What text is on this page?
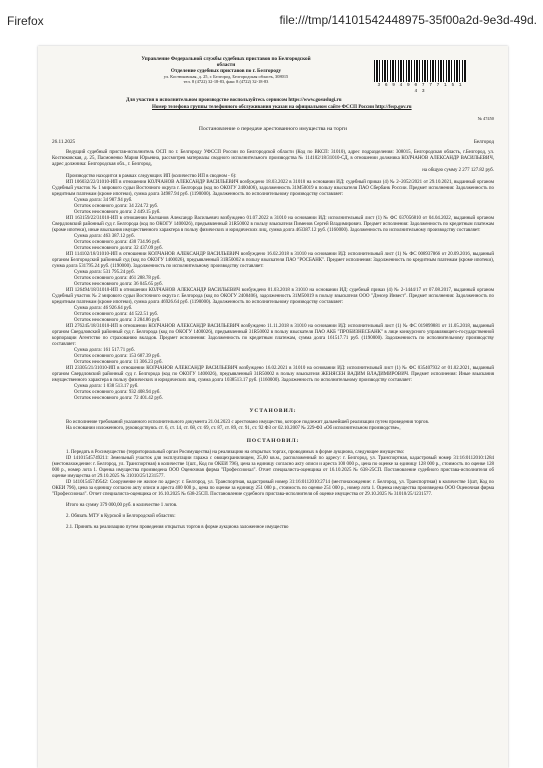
Firefox	file:///tmp/14101542448975-35f00a2d-9e3d-49d.
Управление Федеральной службы судебных приставов по Белгородской
области
Отделение судебных приставов по г. Белгороду
ул. Костюковская, д. 25, г. Белгород, Белгородская область, 308015
тел. 8 (4722) 32-18-83, факс 8 (4722) 32-18-83
3 6 9 4 9 0 7 7 7 1 5 1 4 3
Для участия в исполнительном производстве воспользуйтесь сервисом https://www.gosuslugi.ru
Номер телефона группы телефонного обслуживания указан на официальном сайте ФССП России http://fssp.gov.ru
№ 47450
Постановление о передаче арестованного имущества на торги
26.11.2025	Белгород

Ведущий судебный пристав-исполнитель ОСП по г. Белгороду УФССП России по Белгородской области (Код по ВКСП: 31010), адрес подразделения: 308015, Белгородская область, г.Белгород, ул. Костюковская, д. 25, Пасмоненко Мария Юрьевна, рассмотрев материалы сводного исполнительного производства № 114102/18/31010-СД, в отношении должника КОЛЧАНОВ АЛЕКСАНДР ВАСИЛЬЕВИЧ, адрес должника: Белгородская обл., г. Белгород,

на общую сумму 2 277 127.82 руб.

Производство находится в рамках следующих ИП (количество ИП в сводном - 6):

ИП 106032/22/31010-ИП в отношении КОЛЧАНОВ АЛЕКСАНДР ВАСИЛЬЕВИЧ возбуждено 18.03.2022 в 31010 на основании ИД: судебный приказ (4) № 2–2052/2021 от 29.10.2021, выданный органом Судебный участок № 1 мирового судьи Восточного округа г. Белгорода (код по ОКОГУ 2400406), задолженность 31M50019 в пользу взыскателя ПАО Сбербанк России. Предмет исполнения: Задолженность по кредитным платежам (кроме ипотеки), сумма долга 34987.94 руб. (1190000). Задолженность по исполнительному производству составляет:

Сумма долга: 34 987.94 руб.

Остаток основного долга: 34 224.72 руб.

Остаток неосновного долга: 2 449.15 руб.

ИП 163159/22/31010-ИП в отношении Колчанов Александр Васильевич возбуждено 01.07.2022 в 31010 на основании ИД: исполнительный лист (1) № ФС 037056810 от 04.04.2022, выданный органом Свердловский районный суд г. Белгорода (код по ОКОГУ 1400026), предъявленный 31R50002 в пользу взыскателя Пименов Сергей Владимирович. Предмет исполнения: Задолженность по кредитным платежам (кроме ипотеки), иные взыскания имущественного характера в пользу физических и юридических лиц, сумма долга 463387.12 руб. (1160000). Задолженность по исполнительному производству составляет:

Сумма долга: 463 387.12 руб.

Остаток основного долга: 430 734.96 руб.

Остаток неосновного долга: 32 437.09 руб.

ИП 114102/18/31010-ИП в отношении КОЛЧАНОВ АЛЕКСАНДР ВАСИЛЬЕВИЧ возбуждено 16.02.2018 в 31010 на основании ИД: исполнительный лист (1) № ФС 008937866 от 20.09.2016, выданный органом Белгородский районный суд (код по ОКОГУ 1400026), предъявленный 31R50002 в пользу взыскателя ПАО "РОСБАНК". Предмет исполнения: Задолженность по кредитным платежам (кроме ипотеки), сумма долга 531795.24 руб. (1190000). Задолженность по исполнительному производству составляет:

Сумма долга: 531 795.24 руб.

Остаток основного долга: 461 288.78 руб.

Остаток неосновного долга: 36 045.65 руб.

ИП 126494/18/31010-ИП в отношении КОЛЧАНОВ АЛЕКСАНДР ВАСИЛЬЕВИЧ возбуждено 01.03.2018 в 31010 на основании ИД: судебный приказ (4) № 2-1444/17 от 07.08.2017, выданный органом Судебный участок № 2 мирового судьи Восточного округа г. Белгорода (код по ОКОГУ 2400406), задолженность 31M50019 в пользу взыскателя ООО "Дэнсер Инвест". Предмет исполнения: Задолженность по кредитным платежам (кроме ипотеки), сумма долга 46926.64 руб. (1190000). Задолженность по исполнительному производству составляет:

Сумма долга: 46 926.64 руб.

Остаток основного долга: 44 522.51 руб.

Остаток неосновного долга: 3 284.86 руб.

ИП 276245/18/31010-ИП в отношении КОЛЧАНОВ АЛЕКСАНДР ВАСИЛЬЕВИЧ возбуждено 11.11.2018 в 31010 на основании ИД: исполнительный лист (1) № ФС 019899881 от 11.05.2018, выданный органом Свердловский районный суд г. Белгорода (код по ОКОГУ 1400026), предъявленный 31R50002 в пользу взыскателя ПАО АКБ "ПРОБИЗНЕСБАНК" в лице конкурсного управляющего-государственной корпорации Агентство по страхованию вкладов. Предмет исполнения: Задолженность по кредитным платежам, сумма долга 161517.71 руб. (1190000). Задолженность по исполнительному производству составляет:

Сумма долга: 161 517.71 руб.

Остаток основного долга: 153 687.39 руб.

Остаток неосновного долга: 11 306.23 руб.

ИП 23305/21/31010-ИП в отношении КОЛЧАНОВ АЛЕКСАНДР ВАСИЛЬЕВИЧ возбуждено 16.02.2021 в 31010 на основании ИД: исполнительный лист (1) № ФС 035407932 от 01.02.2021, выданный органом Свердловский районный суд г. Белгорода (код по ОКОГУ 1400026), предъявленный 31R50002 в пользу взыскателя ЖЕНЯСЕН ВАДИМ ВЛАДИМИРОВИЧ. Предмет исполнения: Иные взыскания имущественного характера в пользу физических и юридических лиц, сумма долга 1038513.17 руб. (1160000). Задолженность по исполнительному производству составляет:

Сумма долга: 1 038 513.17 руб.

Остаток основного долга: 932 408.94 руб.

Остаток неосновного долга: 72 401.42 руб.

УСТАНОВИЛ:

Во исполнение требований указанного исполнительного документа 21.04.2023 с арестовано имущество, которое подлежит дальнейшей реализации путем проведения торгов.

На основании изложенного, руководствуясь ст. 6, ст. 14, ст. 68, ст. 69, ст. 87, ст. 89, ст. 91, ст. 92 ФЗ от 02.10.2007 № 229-ФЗ «Об исполнительном производстве»,

ПОСТАНОВИЛ:

1. Передать в Росимущество (территориальный орган Росимущества) на реализацию на открытых торгах, проводимых в форме аукциона, следующее имущество:

ID 14101545749211: Земельный участок для эксплуатации гаража с овощехранилищем, 25,00 кв.м., расположенный по адресу: г. Белгород, ул. Транспортная, кадастровый номер 31:16:0112010:1284 (местонахождение: г. Белгород, ул. Транспортная) в количестве 1(шт., Код по ОКЕИ 796), цена за единицу согласно акту описи и ареста 100 000 р., цена по оценке за единицу 128 000 р., стоимость по оценке 128 000 р., номер лота 1. Оценка имущества произведена ООО Оценочная фирма "Профессионал". Отчет специалиста-оценщика от 16.10.2025 № 638-25СП. Постановление судебного пристава-исполнителя об оценке имущества от 29.10.2025 № 31010/25/1231577.

ID 14101545749542: Сооружение не жилое по адресу: г. Белгород, ул. Транспортная, кадастровый номер 31:16:0112010:2714 (местонахождение: г. Белгород, ул. Транспортная) в количестве 1(шт, Код по ОКЕИ 796), цена за единицу согласно акту описи и ареста 400 000 р., цена по оценке за единицу 251 000 р., стоимость по оценке 251 000 р., номер лота 1. Оценка имущества произведена ООО Оценочная фирма "Профессионал". Отчет специалиста-оценщика от 16.10.2025 № 638-25СП. Постановление судебного пристава-исполнителя об оценке имущества от 29.10.2025 № 31010/25/1231577.

Итого на сумму 379 000,00 руб. в количестве 1 лотов.

2. Обязать МТУ в Курской и Белгородской областях:

2.1. Принять на реализацию путем проведения открытых торгов в форме аукциона заложенное имущество
